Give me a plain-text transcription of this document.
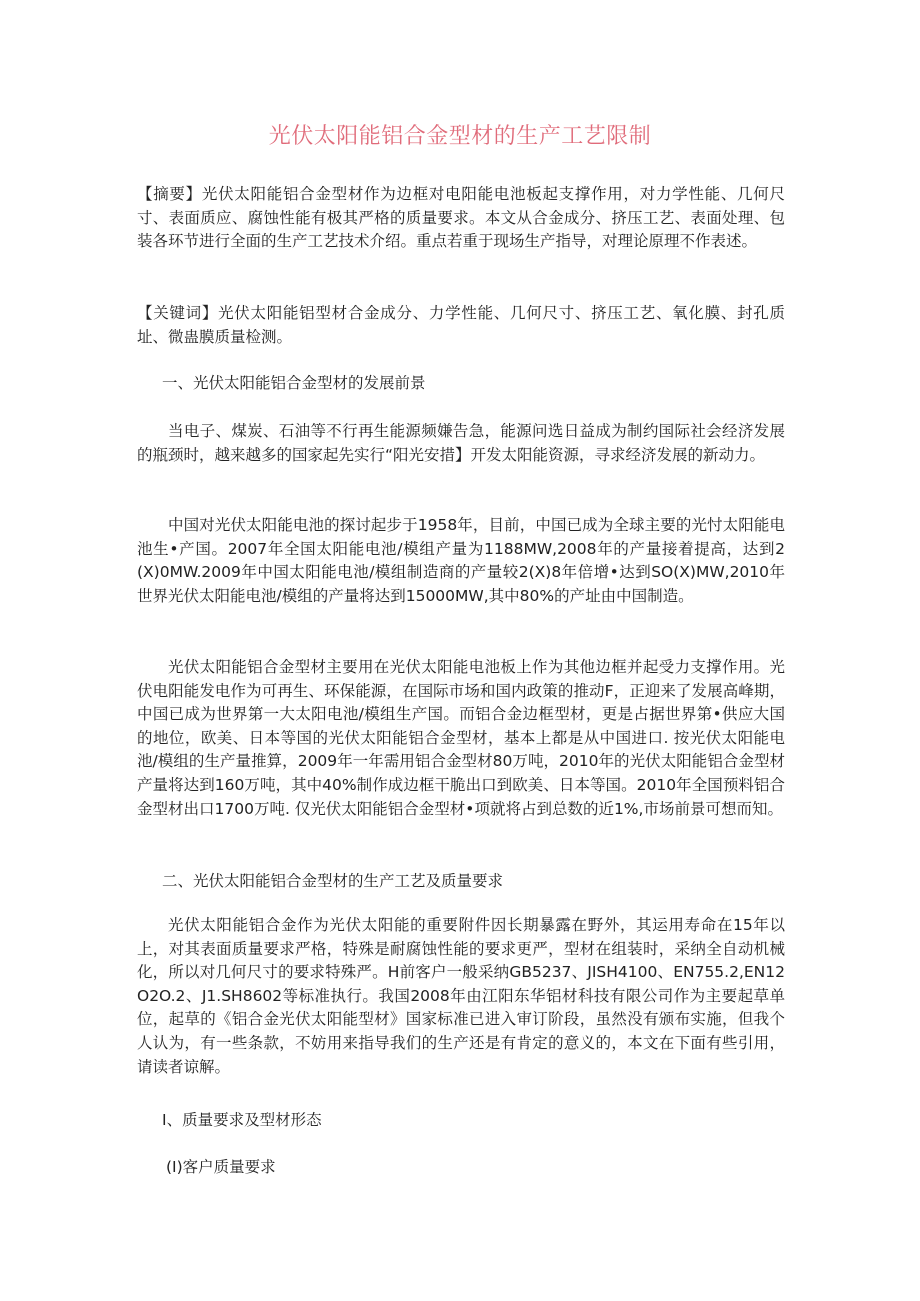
光伏太阳能铝合金型材的生产工艺限制

【摘要】光伏太阳能铝合金型材作为边框对电阳能电池板起支撑作用，对力学性能、几何尺寸、表面质应、腐蚀性能有极其严格的质量要求。本文从合金成分、挤压工艺、表面处理、包装各环节进行全面的生产工艺技术介绍。重点若重于现场生产指导，对理论原理不作表述。

【关键词】光伏太阳能铝型材合金成分、力学性能、几何尺寸、挤压工艺、氧化膜、封孔质址、微蛊膜质量检测。

一、光伏太阳能铝合金型材的发展前景

当电子、煤炭、石油等不行再生能源频嫌告急，能源问选日益成为制约国际社会经济发展的瓶颈时，越来越多的国家起先实行“阳光安措】开发太阳能资源，寻求经济发展的新动力。

中国对光伏太阳能电池的探讨起步于1958年，目前，中国已成为全球主要的光忖太阳能电池生•产国。2007年全国太阳能电池/模组产量为1188MW,2008年的产量接着提高，达到2(X)0MW.2009年中国太阳能电池/模组制造商的产量较2(X)8年倍增•达到SO(X)MW,2010年世界光伏太阳能电池/模组的产量将达到15000MW,其中80%的产址由中国制造。

光伏太阳能铝合金型材主要用在光伏太阳能电池板上作为其他边框并起受力支撑作用。光伏电阳能发电作为可再生、环保能源，在国际市场和国内政策的推动F，正迎来了发展高峰期，中国已成为世界第一大太阳电池/模组生产国。而铝合金边框型材，更是占据世界第•供应大国的地位，欧美、日本等国的光伏太阳能铝合金型材，基本上都是从中国进口. 按光伏太阳能电池/模组的生产量推算，2009年一年需用铝合金型材80万吨，2010年的光伏太阳能铝合金型材产量将达到160万吨，其中40%制作成边框干脆出口到欧美、日本等国。2010年全国预料铝合金型材出口1700万吨. 仅光伏太阳能铝合金型材•项就将占到总数的近1%,市场前景可想而知。

二、光伏太阳能铝合金型材的生产工艺及质量要求

光伏太阳能铝合金作为光伏太阳能的重要附件因长期暴露在野外，其运用寿命在15年以上，对其表面质量要求严格，特殊是耐腐蚀性能的要求更严，型材在组装时，采纳全自动机械化，所以对几何尺寸的要求特殊严。H前客户一般采纳GB5237、JISH4100、EN755.2,EN12O2O.2、J1.SH8602等标准执行。我国2008年由江阳东华铝材科技有限公司作为主要起草单位，起草的《铝合金光伏太阳能型材》国家标准已进入审订阶段，虽然没有颁布实施，但我个人认为，有一些条款，不妨用来指导我们的生产还是有肯定的意义的，本文在下面有些引用，请读者谅解。

I、质量要求及型材形态

(I)客户质量要求
